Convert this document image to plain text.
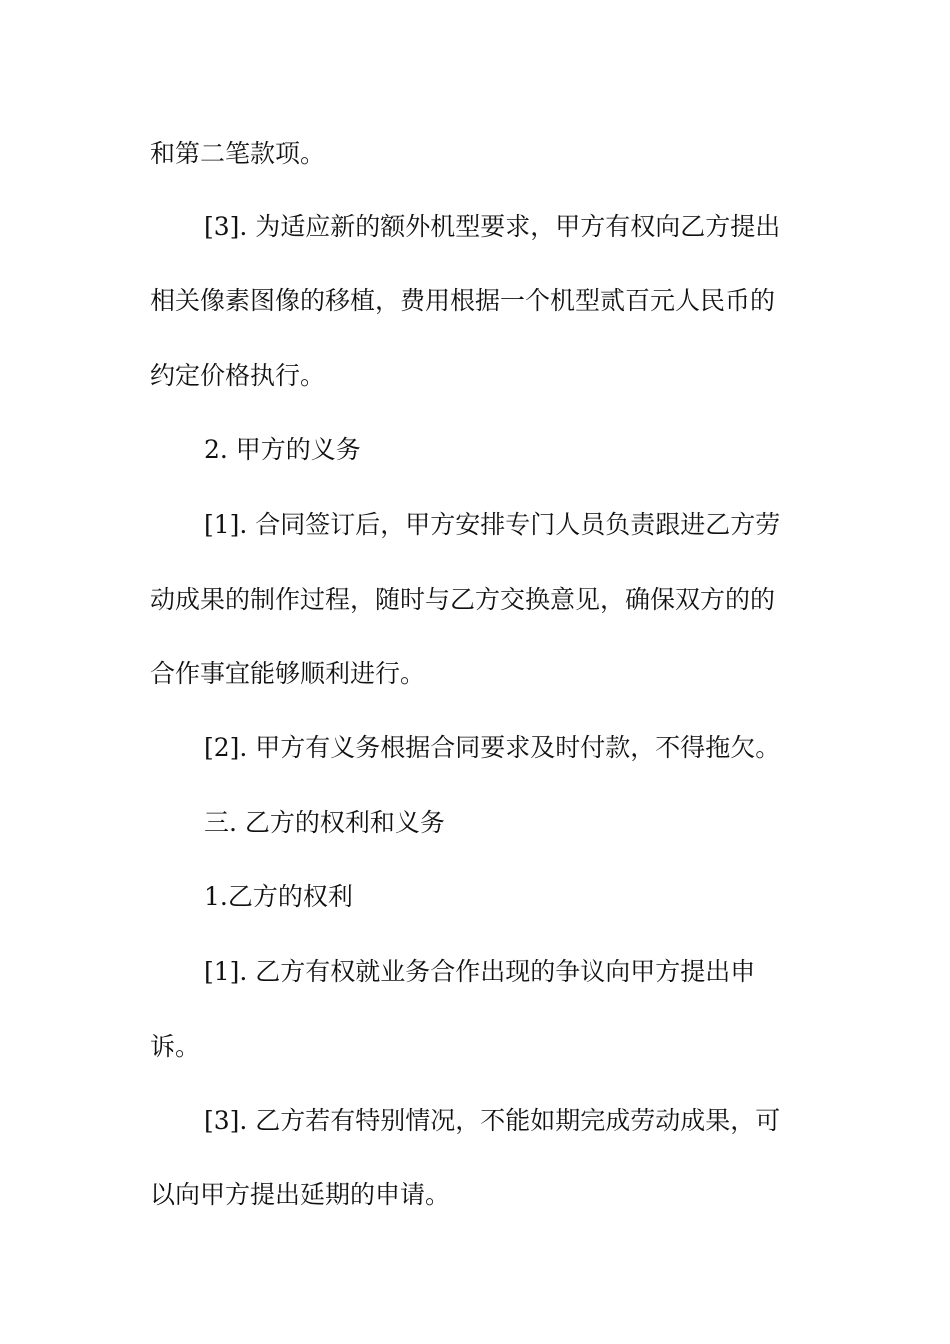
和第二笔款项。
[3]. 为适应新的额外机型要求，甲方有权向乙方提出
相关像素图像的移植，费用根据一个机型贰百元人民币的
约定价格执行。
2. 甲方的义务
[1]. 合同签订后，甲方安排专门人员负责跟进乙方劳
动成果的制作过程，随时与乙方交换意见，确保双方的的
合作事宜能够顺利进行。
[2]. 甲方有义务根据合同要求及时付款，不得拖欠。
三. 乙方的权利和义务
1.乙方的权利
[1]. 乙方有权就业务合作出现的争议向甲方提出申
诉。
[3]. 乙方若有特别情况，不能如期完成劳动成果，可
以向甲方提出延期的申请。
